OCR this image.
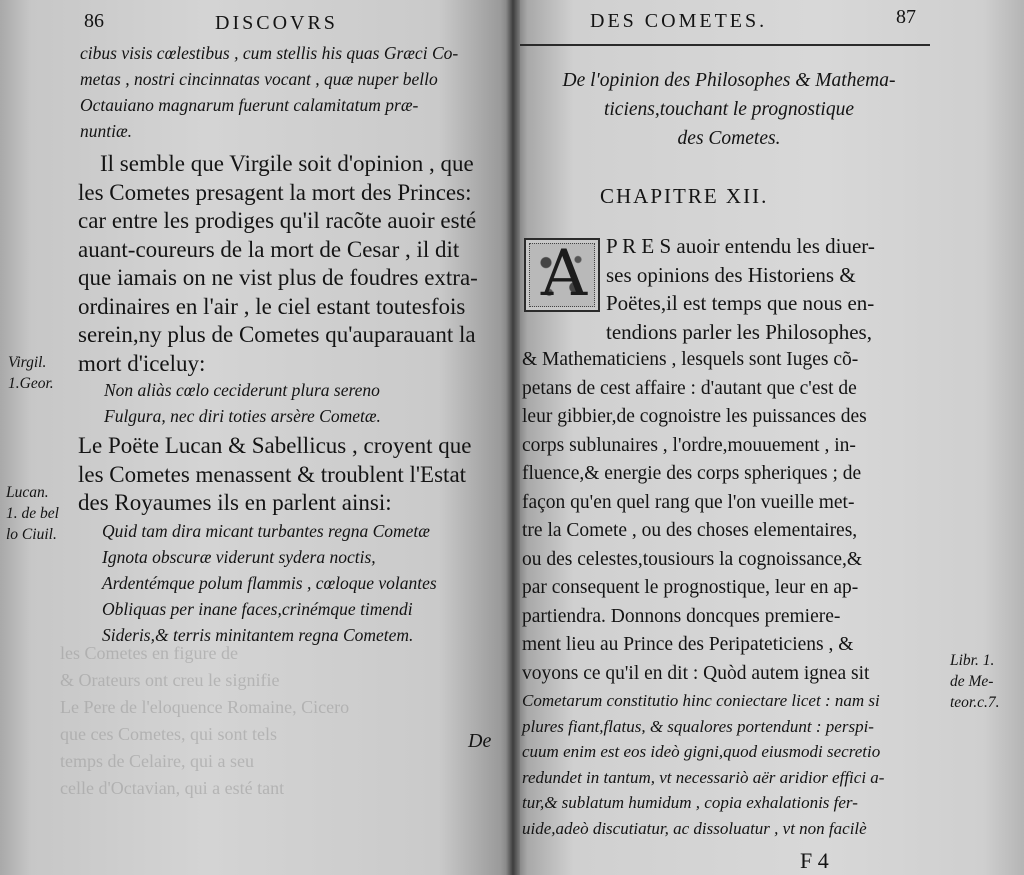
les Cometes en figure de
& Orateurs ont creu le signifie
Le Pere de l'eloquence Romaine, Cicero
que ces Cometes, qui sont tels
temps de Celaire, qui a seu
celle d'Octavian, qui a esté tant
86	DISCOVRS
cibus visis cœlestibus , cum stellis his quas Græci Co-
metas , nostri cincinnatas vocant , quæ nuper bello
Octauiano magnarum fuerunt calamitatum præ-
nuntiæ.
Il semble que Virgile soit d'opinion , que
les Cometes presagent la mort des Princes:
car entre les prodiges qu'il racõte auoir esté
auant-coureurs de la mort de Cesar , il dit
que iamais on ne vist plus de foudres extra-
ordinaires en l'air , le ciel estant toutesfois
serein,ny plus de Cometes qu'auparauant la
mort d'iceluy:
Non aliàs cœlo ceciderunt plura sereno
Fulgura, nec diri toties arsère Cometæ.
Le Poëte Lucan & Sabellicus , croyent que
les Cometes menassent & troublent l'Estat
des Royaumes ils en parlent ainsi:
Quid tam dira micant turbantes regna Cometæ
Ignota obscuræ viderunt sydera noctis,
Ardentémque polum flammis , cœloque volantes
Obliquas per inane faces,crinémque timendi
Sideris,& terris minitantem regna Cometem.
Virgil.
1.Geor.
Lucan.
1. de bel
lo Ciuil.
De
DES COMETES.	87
De l'opinion des Philosophes & Mathema-
ticiens,touchant le prognostique
des Cometes.
CHAPITRE XII.
A P R E S auoir entendu les diuer-
ses opinions des Historiens &
Poëtes,il est temps que nous en-
tendions parler les Philosophes,
& Mathematiciens , lesquels sont Iuges cõ-
petans de cest affaire : d'autant que c'est de
leur gibbier,de cognoistre les puissances des
corps sublunaires , l'ordre,mouuement , in-
fluence,& energie des corps spheriques ; de
façon qu'en quel rang que l'on vueille met-
tre la Comete , ou des choses elementaires,
ou des celestes,tousiours la cognoissance,&
par consequent le prognostique, leur en ap-
partiendra. Donnons doncques premiere-
ment lieu au Prince des Peripateticiens , &
voyons ce qu'il en dit : Quòd autem ignea sit
Cometarum constitutio hinc coniectare licet : nam si
plures fiant,flatus, & squalores portendunt : perspi-
cuum enim est eos ideò gigni,quod eiusmodi secretio
redundet in tantum, vt necessariò aër aridior effici a-
tur,& sublatum humidum , copia exhalationis fer-
uide,adeò discutiatur, ac dissoluatur , vt non facilè
Libr. 1.
de Me-
teor.c.7.
F 4
